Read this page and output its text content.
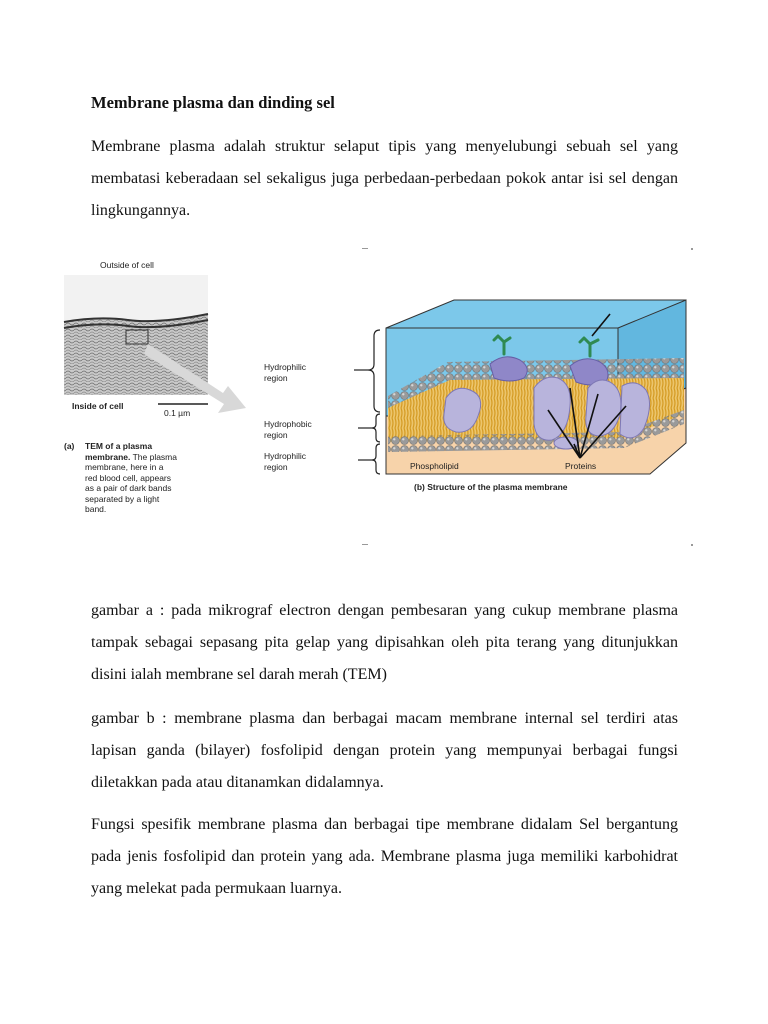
Membrane plasma dan dinding sel

Membrane plasma adalah struktur selaput tipis yang menyelubungi sebuah sel yang membatasi keberadaan sel sekaligus juga perbedaan-perbedaan pokok antar isi sel dengan lingkungannya.

Outside of cell
Inside of cell
0.1 µm
(a)	TEM of a plasma membrane. The plasma membrane, here in a red blood cell, appears as a pair of dark bands separated by a light band.
Hydrophilic
region
Hydrophobic
region
Hydrophilic
region	Phospholipid	Proteins
(b) Structure of the plasma membrane

gambar a : pada mikrograf electron dengan pembesaran yang cukup membrane plasma tampak sebagai sepasang pita gelap yang dipisahkan oleh pita terang yang ditunjukkan disini ialah membrane sel darah merah (TEM)

gambar b : membrane plasma dan berbagai macam membrane internal sel terdiri atas lapisan ganda (bilayer) fosfolipid dengan protein yang mempunyai berbagai fungsi diletakkan pada atau ditanamkan didalamnya.

Fungsi spesifik membrane plasma dan berbagai tipe membrane didalam Sel bergantung pada jenis fosfolipid dan protein yang ada. Membrane plasma juga memiliki karbohidrat yang melekat pada permukaan luarnya.
